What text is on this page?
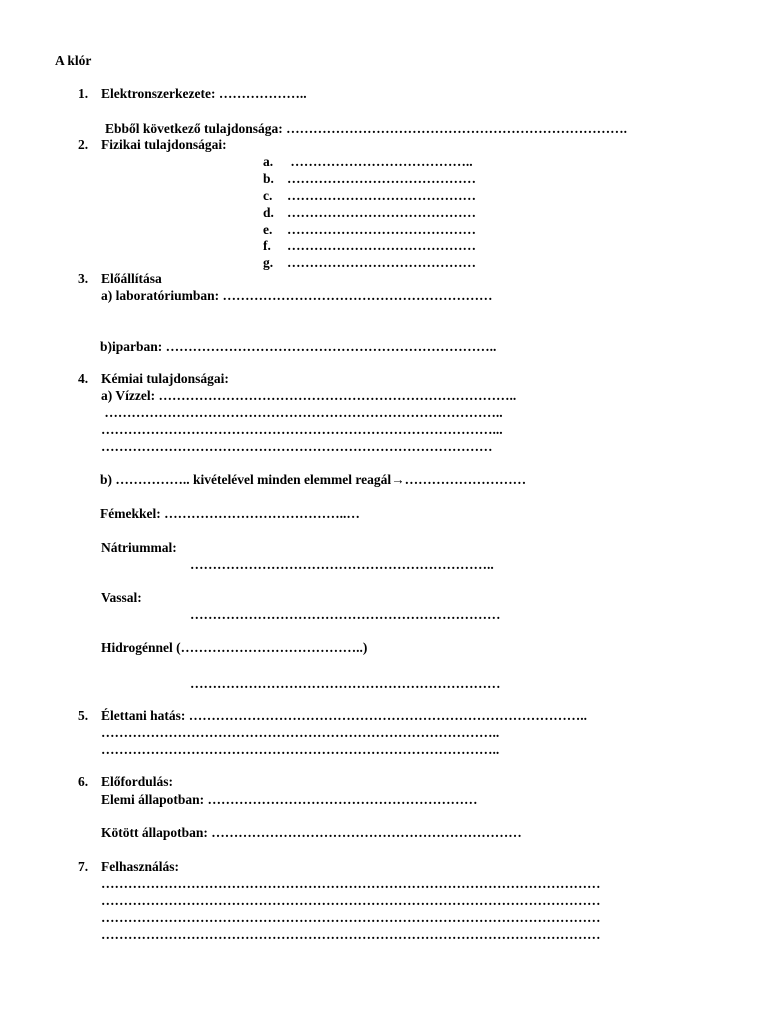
A klór
1. Elektronszerkezete: ………………..
Ebből következő tulajdonsága: ………………………………………………………………….
2. Fizikai tulajdonságai:
a. …………………………………..
b. ……………………………………
c. ……………………………………
d. ……………………………………
e. ……………………………………
f. ……………………………………
g. ……………………………………
3. Előállítása
a) laboratóriumban: ……………………………………………………
b)iparban: ………………………………………………………………..
4. Kémiai tulajdonságai:
a) Vízzel: ……………………………………………………………………..
……………………………………………………………………………..
……………………………………………………………………………...
……………………………………………………………………………
b) …………….. kivételével minden elemmel reagál→………………………
Fémekkel: …………………………………..…
Nátriummal:
…………………………………………………………..
Vassal:
……………………………………………………………
Hidrogénnel (…………………………………..)
……………………………………………………………
5. Élettani hatás: ……………………………………………………………………………..
……………………………………………………………………………..
……………………………………………………………………………..
6. Előfordulás:
Elemi állapotban: ……………………………………………………
Kötött állapotban: ……………………………………………………………
7. Felhasználás:
…………………………………………………………………………………………………
…………………………………………………………………………………………………
…………………………………………………………………………………………………
…………………………………………………………………………………………………
